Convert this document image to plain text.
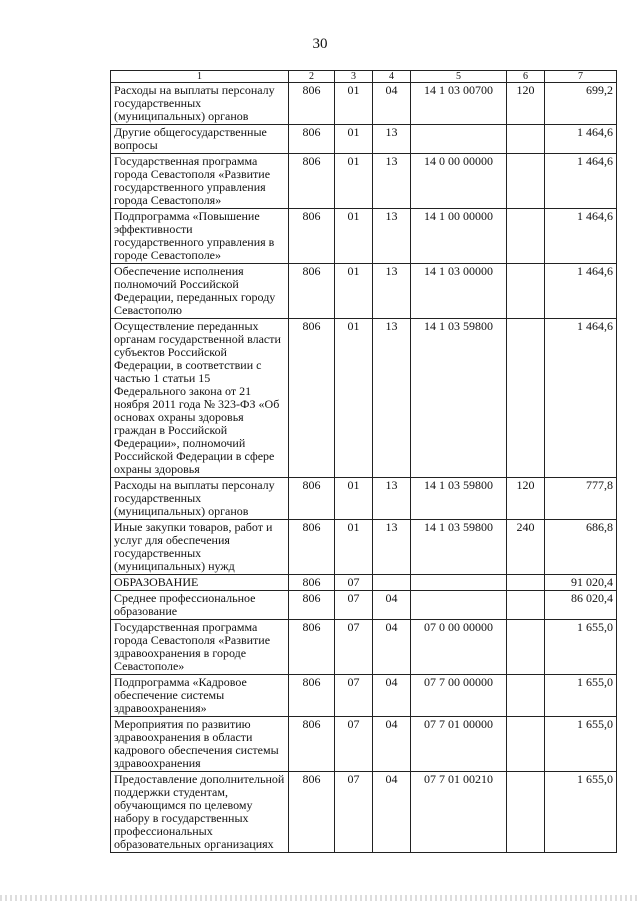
30
1	2	3	4	5	6	7
Расходы на выплаты персоналу государственных (муниципальных) органов	806	01	04	14 1 03 00700	120	699,2
Другие общегосударственные вопросы	806	01	13			1 464,6
Государственная программа города Севастополя «Развитие государственного управления города Севастополя»	806	01	13	14 0 00 00000		1 464,6
Подпрограмма «Повышение эффективности государственного управления в городе Севастополе»	806	01	13	14 1 00 00000		1 464,6
Обеспечение исполнения полномочий Российской Федерации, переданных городу Севастополю	806	01	13	14 1 03 00000		1 464,6
Осуществление переданных органам государственной власти субъектов Российской Федерации, в соответствии с частью 1 статьи 15 Федерального закона от 21 ноября 2011 года № 323-ФЗ «Об основах охраны здоровья граждан в Российской Федерации», полномочий Российской Федерации в сфере охраны здоровья	806	01	13	14 1 03 59800		1 464,6
Расходы на выплаты персоналу государственных (муниципальных) органов	806	01	13	14 1 03 59800	120	777,8
Иные закупки товаров, работ и услуг для обеспечения государственных (муниципальных) нужд	806	01	13	14 1 03 59800	240	686,8
ОБРАЗОВАНИЕ	806	07				91 020,4
Среднее профессиональное образование	806	07	04			86 020,4
Государственная программа города Севастополя «Развитие здравоохранения в городе Севастополе»	806	07	04	07 0 00 00000		1 655,0
Подпрограмма «Кадровое обеспечение системы здравоохранения»	806	07	04	07 7 00 00000		1 655,0
Мероприятия по развитию здравоохранения в области кадрового обеспечения системы здравоохранения	806	07	04	07 7 01 00000		1 655,0
Предоставление дополнительной поддержки студентам, обучающимся по целевому набору в государственных профессиональных образовательных организациях	806	07	04	07 7 01 00210		1 655,0
